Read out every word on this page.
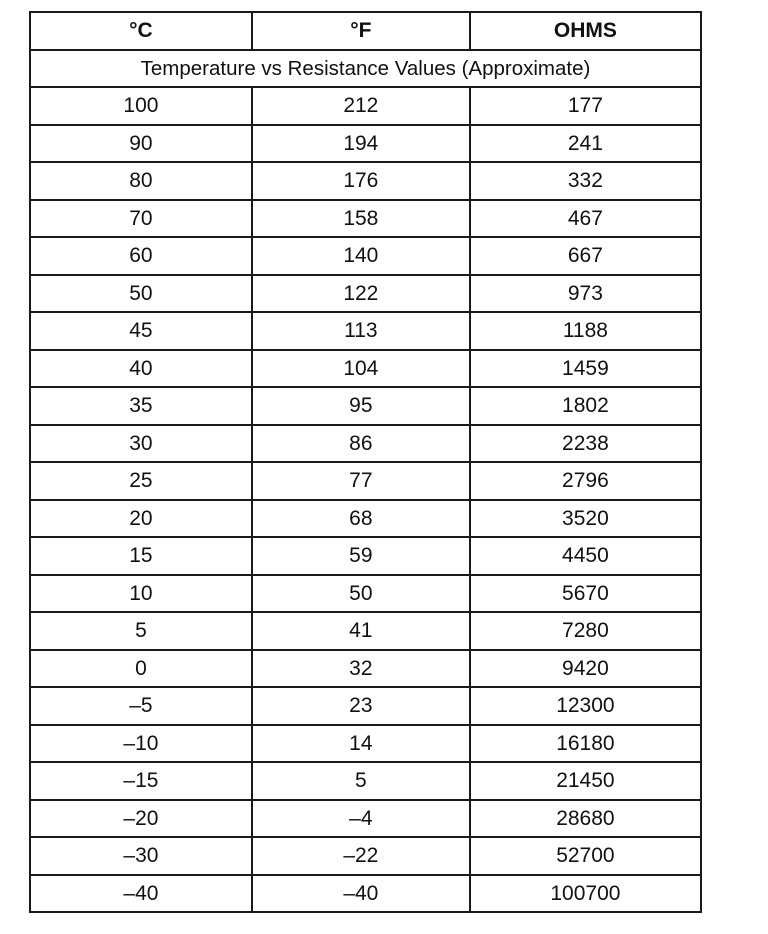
°C	°F	OHMS
Temperature vs Resistance Values (Approximate)		
100	212	177
90	194	241
80	176	332
70	158	467
60	140	667
50	122	973
45	113	1188
40	104	1459
35	95	1802
30	86	2238
25	77	2796
20	68	3520
15	59	4450
10	50	5670
5	41	7280
0	32	9420
–5	23	12300
–10	14	16180
–15	5	21450
–20	–4	28680
–30	–22	52700
–40	–40	100700
